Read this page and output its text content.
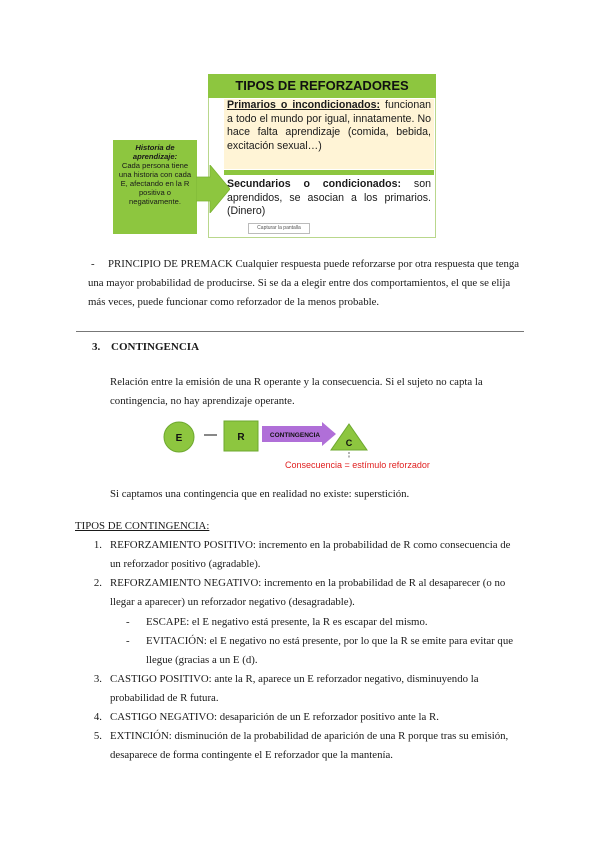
TIPOS DE REFORZADORES
Primarios o incondicionados: funcionan a todo el mundo por igual, innatamente. No hace falta aprendizaje (comida, bebida, excitación sexual…)
Secundarios o condicionados: son aprendidos, se asocian a los primarios. (Dinero)
Capturar la pantalla
Historia de aprendizaje:
Cada persona tiene una historia con cada E, afectando en la R positiva o negativamente.
-	PRINCIPIO DE PREMACK Cualquier respuesta puede reforzarse por otra respuesta que tenga una mayor probabilidad de producirse. Si se da a elegir entre dos comportamientos, el que se elija más veces, puede funcionar como reforzador de la menos probable.
3. CONTINGENCIA
Relación entre la emisión de una R operante y la consecuencia. Si el sujeto no capta la contingencia, no hay aprendizaje operante.
E	R	CONTINGENCIA
C
Consecuencia = estímulo reforzador
Si captamos una contingencia que en realidad no existe: superstición.
TIPOS DE CONTINGENCIA:
1. REFORZAMIENTO POSITIVO: incremento en la probabilidad de R como consecuencia de un reforzador positivo (agradable).
2. REFORZAMIENTO NEGATIVO: incremento en la probabilidad de R al desaparecer (o no llegar a aparecer) un reforzador negativo (desagradable).
- ESCAPE: el E negativo está presente, la R es escapar del mismo.
- EVITACIÓN: el E negativo no está presente, por lo que la R se emite para evitar que llegue (gracias a un E (d).
3. CASTIGO POSITIVO: ante la R, aparece un E reforzador negativo, disminuyendo la probabilidad de R futura.
4. CASTIGO NEGATIVO: desaparición de un E reforzador positivo ante la R.
5. EXTINCIÓN: disminución de la probabilidad de aparición de una R porque tras su emisión, desaparece de forma contingente el E reforzador que la mantenía.
